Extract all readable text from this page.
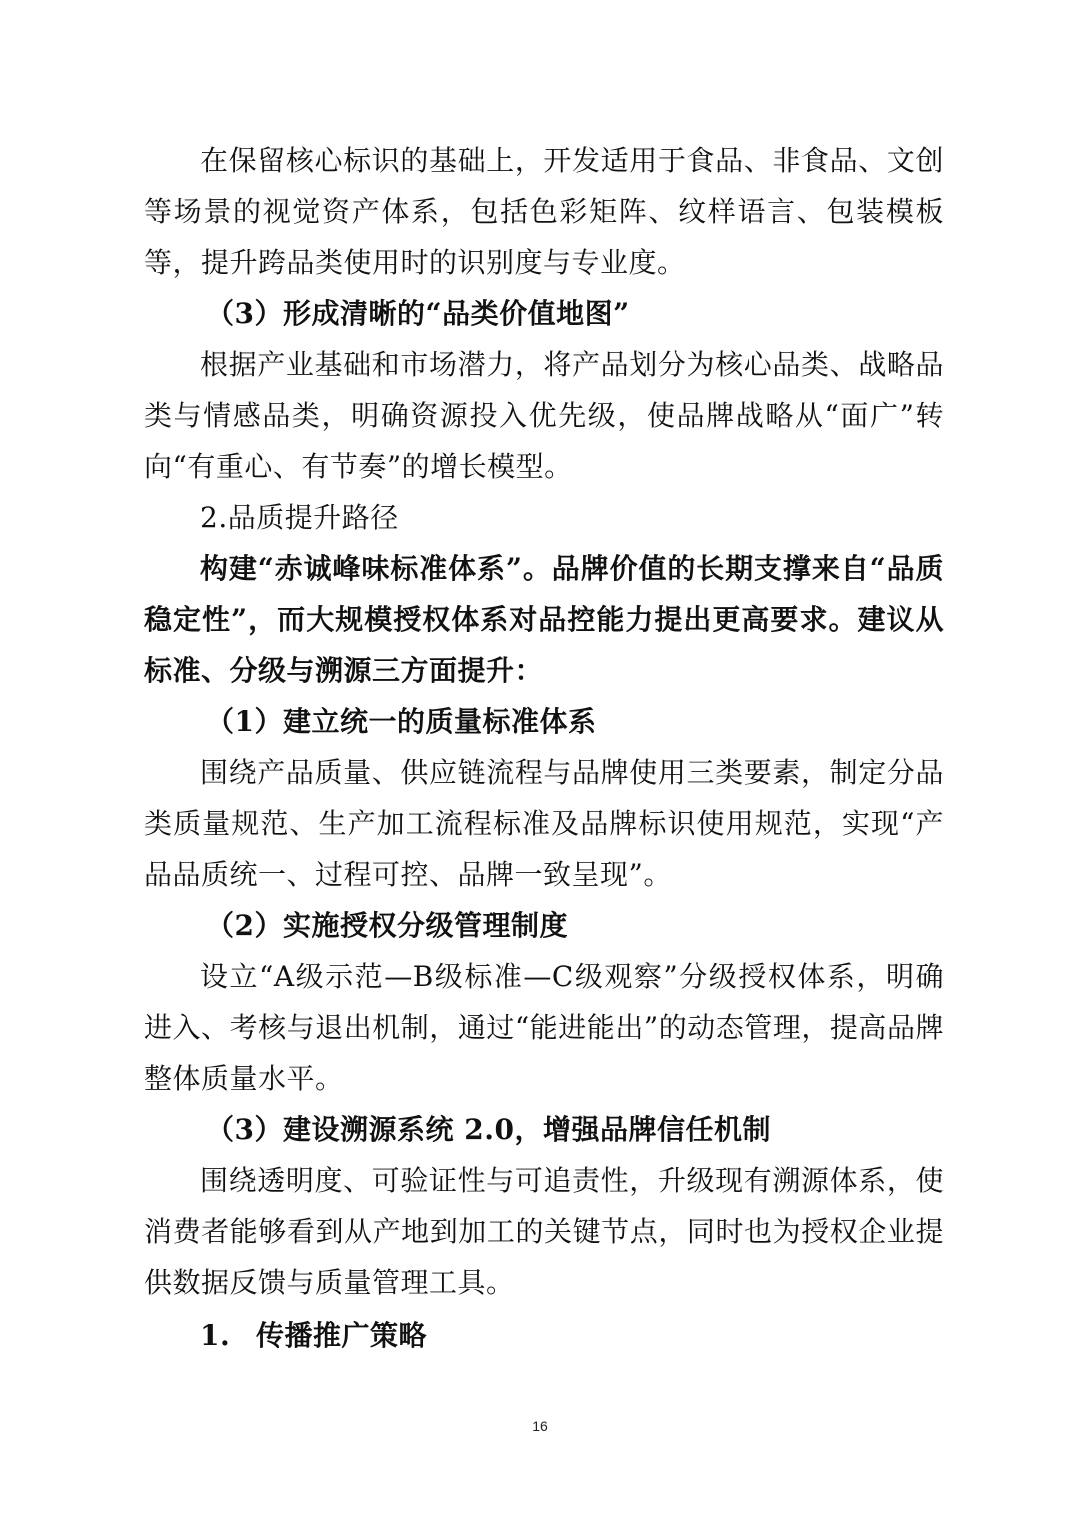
在保留核心标识的基础上，开发适用于食品、非食品、文创等场景的视觉资产体系，包括色彩矩阵、纹样语言、包装模板等，提升跨品类使用时的识别度与专业度。

（3）形成清晰的“品类价值地图”

根据产业基础和市场潜力，将产品划分为核心品类、战略品类与情感品类，明确资源投入优先级，使品牌战略从“面广”转向“有重心、有节奏”的增长模型。

2.品质提升路径

构建“赤诚峰味标准体系”。品牌价值的长期支撑来自“品质稳定性”，而大规模授权体系对品控能力提出更高要求。建议从标准、分级与溯源三方面提升：

（1）建立统一的质量标准体系

围绕产品质量、供应链流程与品牌使用三类要素，制定分品类质量规范、生产加工流程标准及品牌标识使用规范，实现“产品品质统一、过程可控、品牌一致呈现”。

（2）实施授权分级管理制度

设立“A级示范—B级标准—C级观察”分级授权体系，明确进入、考核与退出机制，通过“能进能出”的动态管理，提高品牌整体质量水平。

（3）建设溯源系统 2.0，增强品牌信任机制

围绕透明度、可验证性与可追责性，升级现有溯源体系，使消费者能够看到从产地到加工的关键节点，同时也为授权企业提供数据反馈与质量管理工具。

1. 传播推广策略

16
